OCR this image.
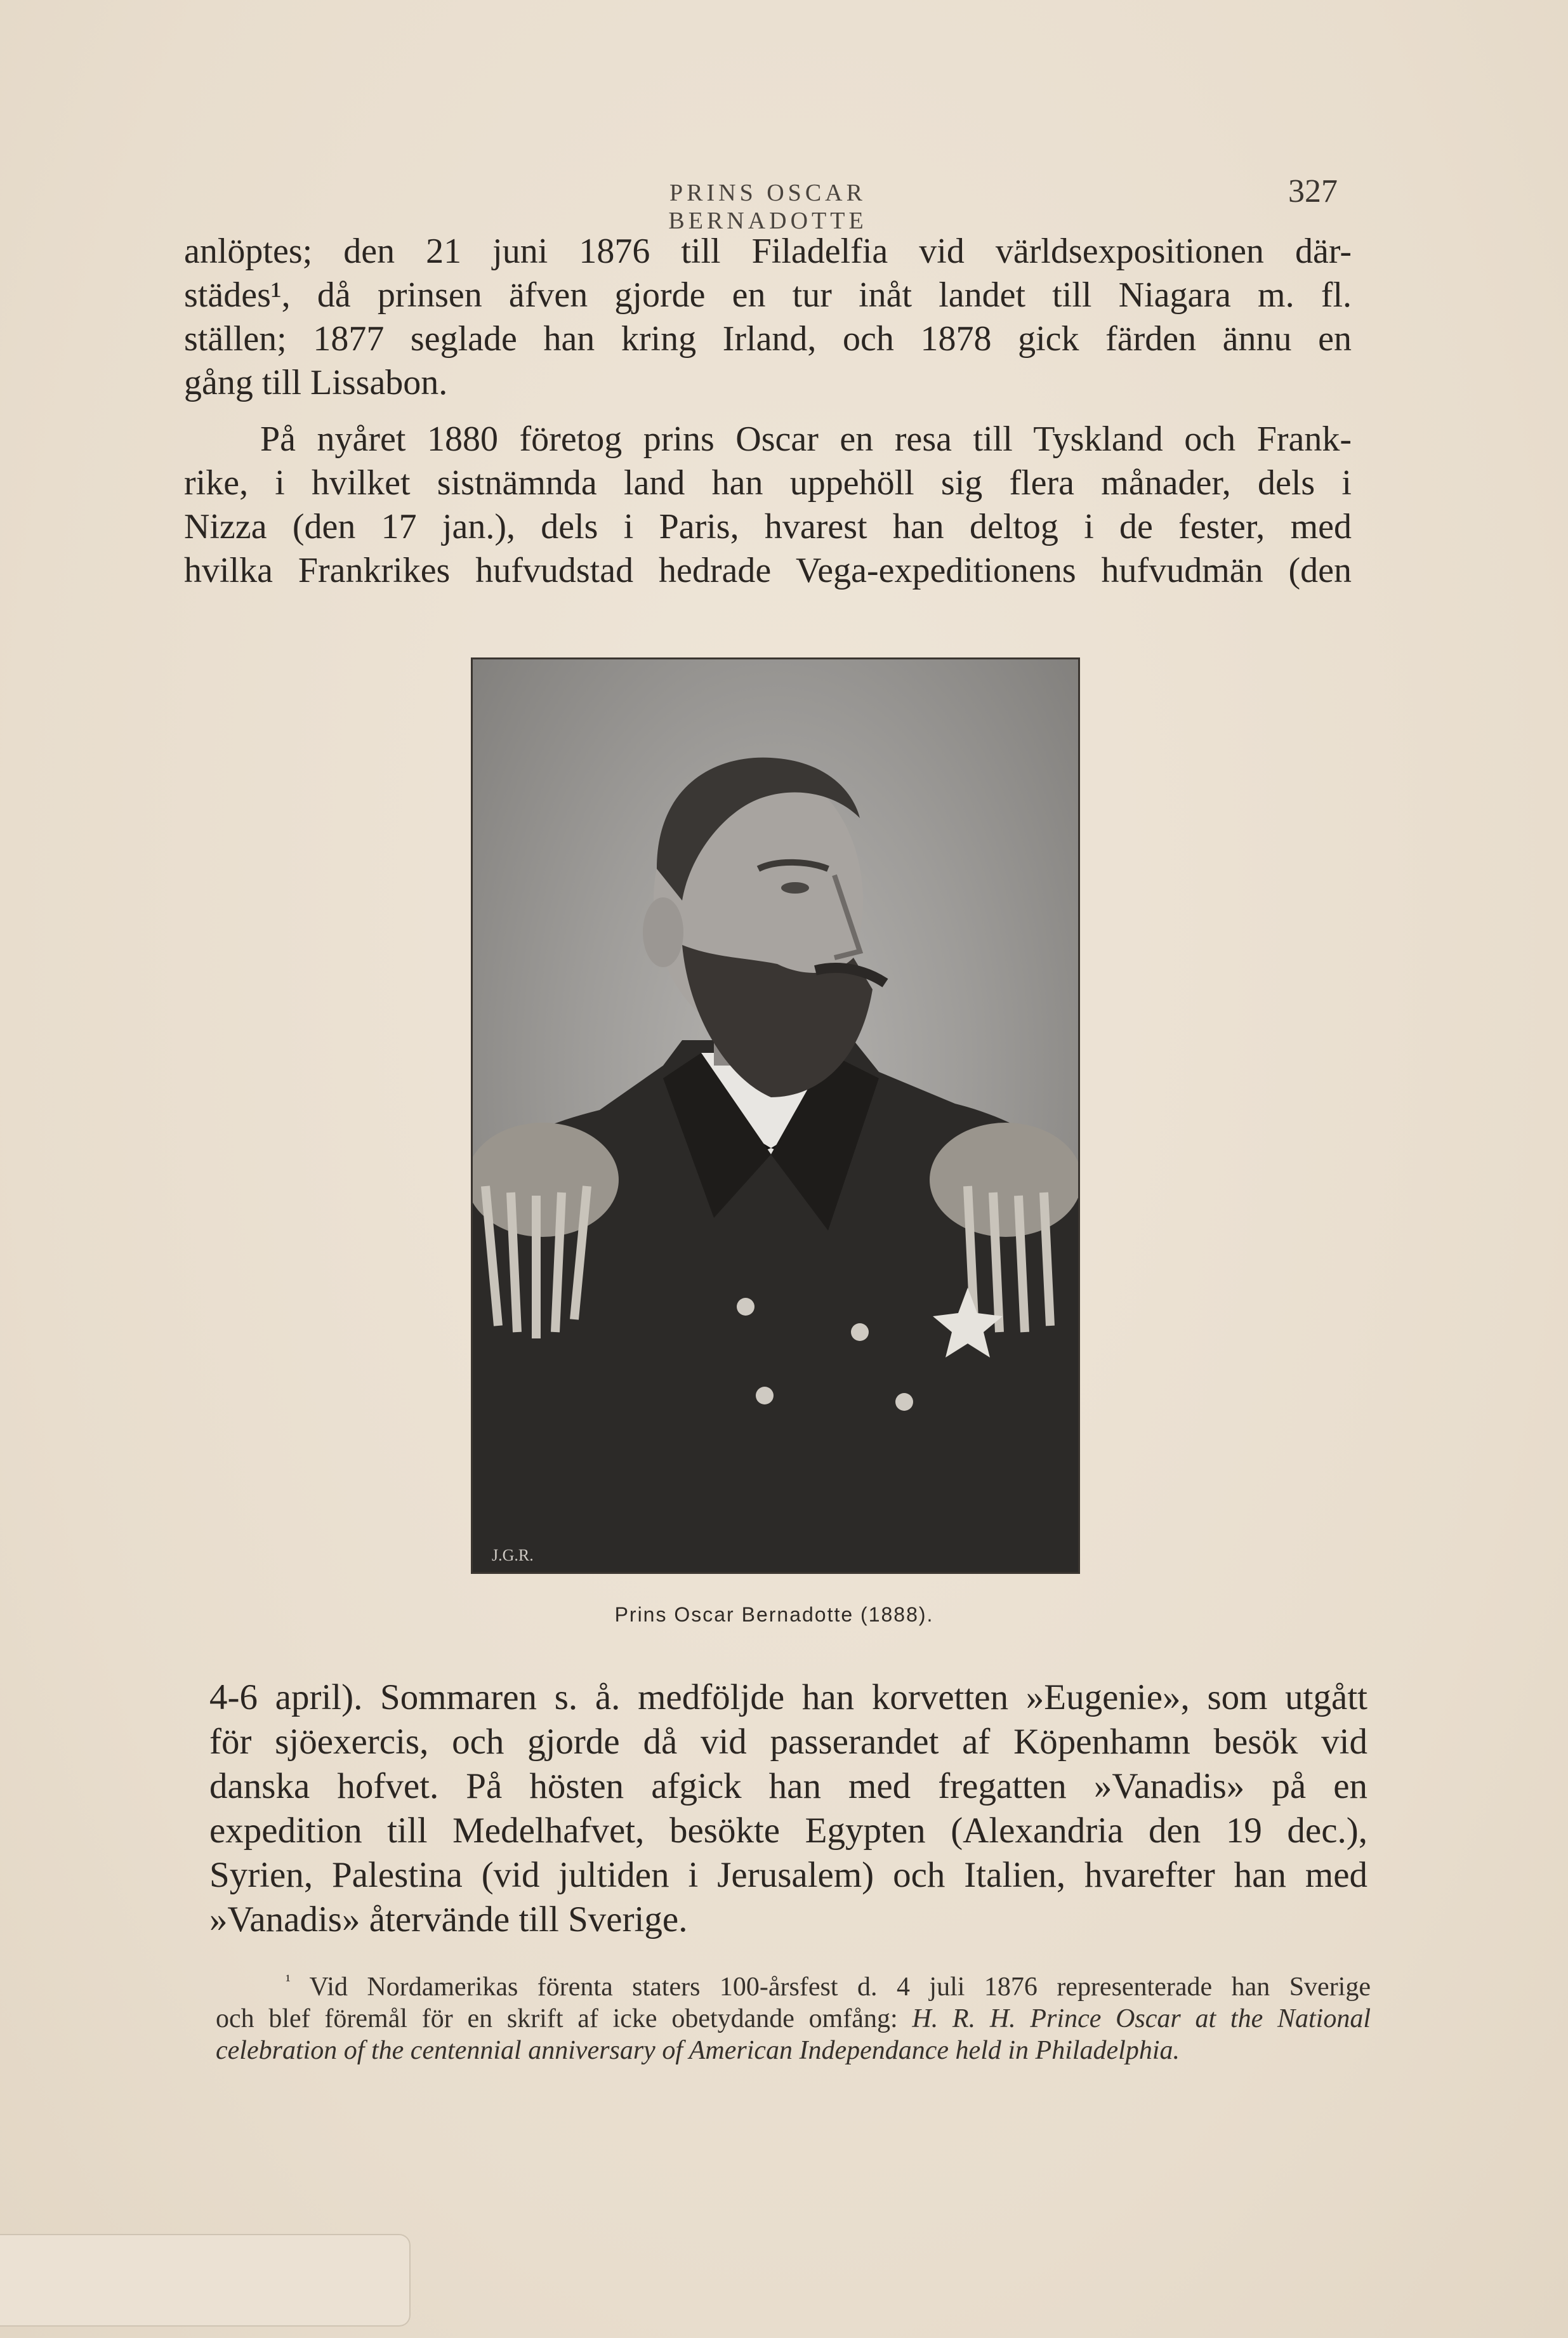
PRINS OSCAR BERNADOTTE
327
anlöptes; den 21 juni 1876 till Filadelfia vid världsexpositionen där-
städes¹, då prinsen äfven gjorde en tur inåt landet till Niagara m. fl.
ställen; 1877 seglade han kring Irland, och 1878 gick färden ännu en
gång till Lissabon.
På nyåret 1880 företog prins Oscar en resa till Tyskland och Frank-
rike, i hvilket sistnämnda land han uppehöll sig flera månader, dels i
Nizza (den 17 jan.), dels i Paris, hvarest han deltog i de fester, med
hvilka Frankrikes hufvudstad hedrade Vega-expeditionens hufvudmän (den
J.G.R.
Prins Oscar Bernadotte (1888).
4-6 april). Sommaren s. å. medföljde han korvetten »Eugenie», som utgått
för sjöexercis, och gjorde då vid passerandet af Köpenhamn besök vid
danska hofvet. På hösten afgick han med fregatten »Vanadis» på en
expedition till Medelhafvet, besökte Egypten (Alexandria den 19 dec.),
Syrien, Palestina (vid jultiden i Jerusalem) och Italien, hvarefter han med
»Vanadis» återvände till Sverige.
$^{^1}$ Vid Nordamerikas förenta staters 100-årsfest d. 4 juli 1876 representerade han Sverige
och blef föremål för en skrift af icke obetydande omfång: H. R. H. Prince Oscar at the National
celebration of the centennial anniversary of American Independance held in Philadelphia.
